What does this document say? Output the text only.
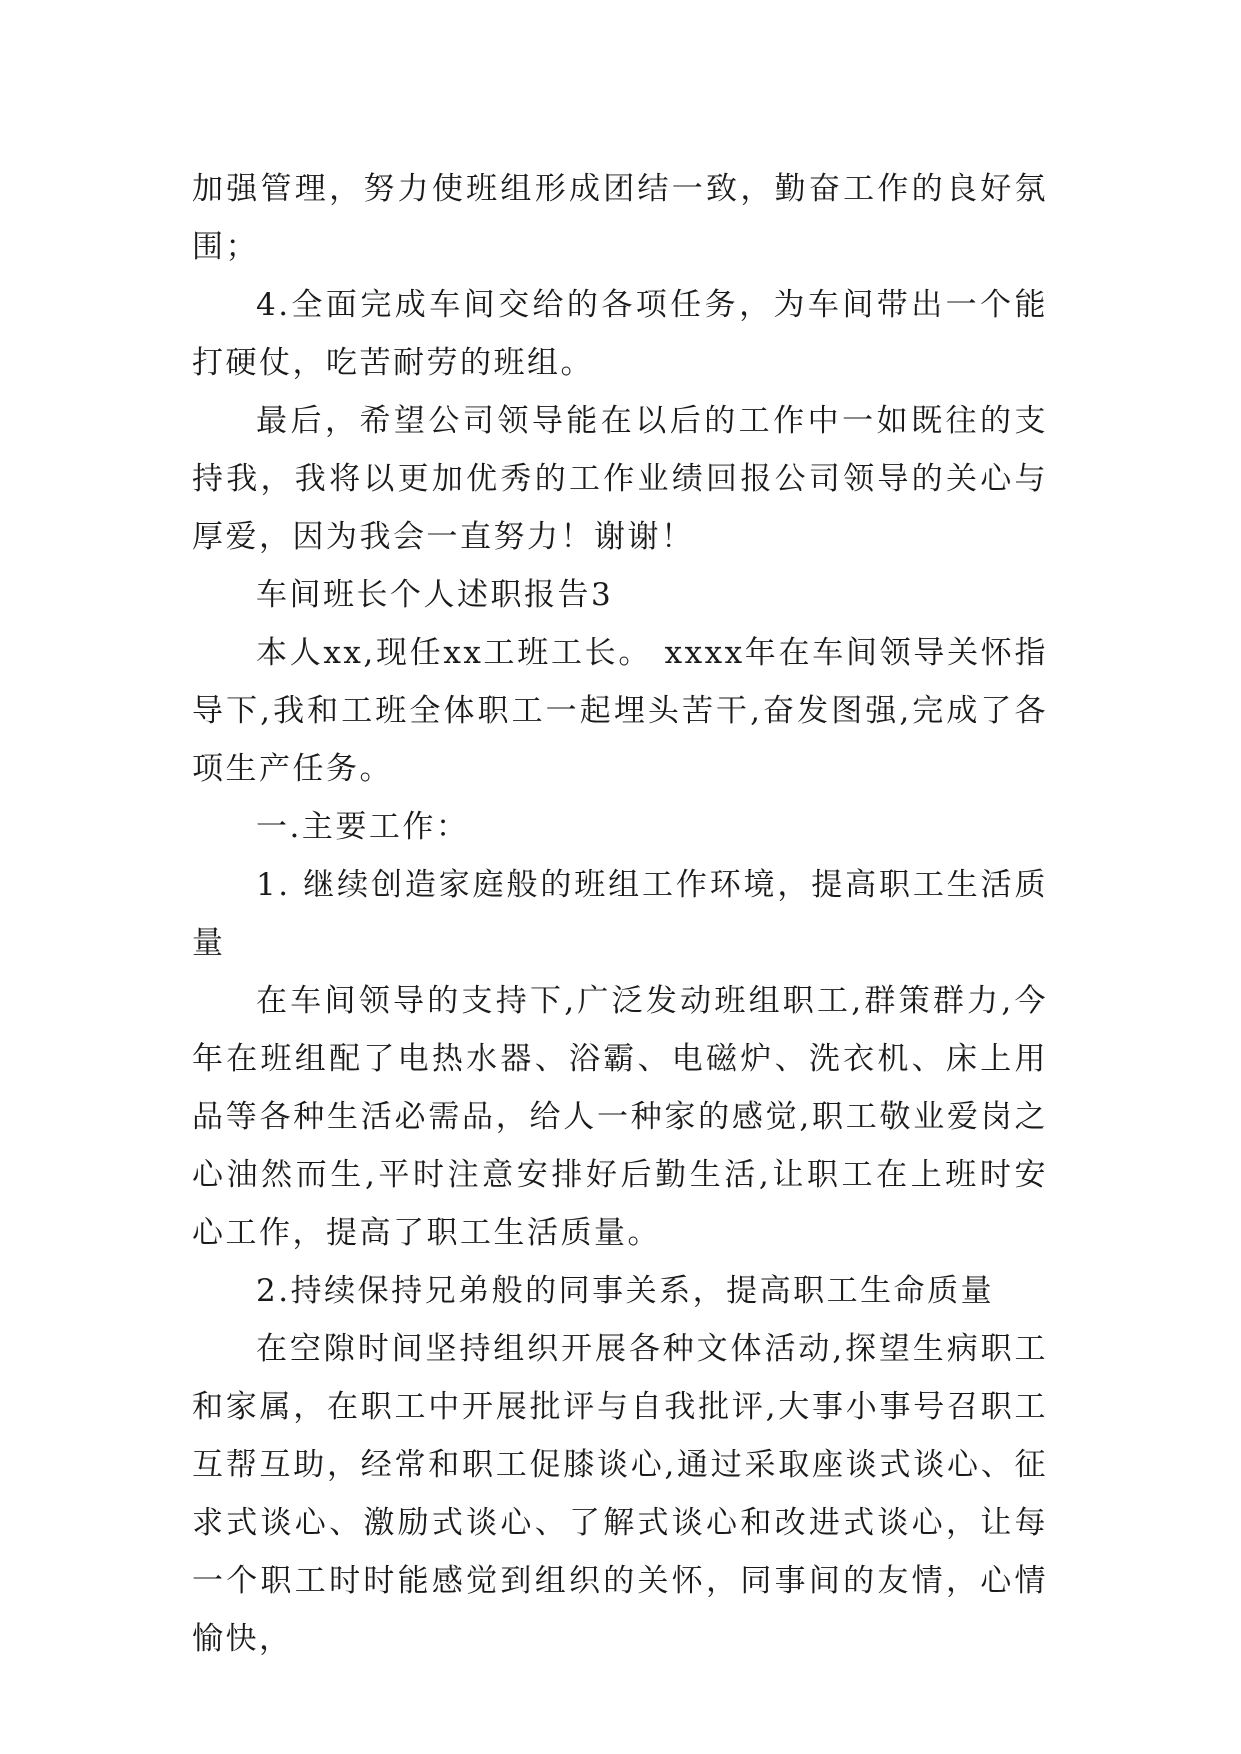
加强管理，努力使班组形成团结一致，勤奋工作的良好氛围；

4.全面完成车间交给的各项任务，为车间带出一个能打硬仗，吃苦耐劳的班组。

最后，希望公司领导能在以后的工作中一如既往的支持我，我将以更加优秀的工作业绩回报公司领导的关心与厚爱，因为我会一直努力！谢谢！

车间班长个人述职报告3

本人xx,现任xx工班工长。 xxxx年在车间领导关怀指导下,我和工班全体职工一起埋头苦干,奋发图强,完成了各项生产任务。

一.主要工作：

1. 继续创造家庭般的班组工作环境，提高职工生活质量

在车间领导的支持下,广泛发动班组职工,群策群力,今年在班组配了电热水器、浴霸、电磁炉、洗衣机、床上用品等各种生活必需品，给人一种家的感觉,职工敬业爱岗之心油然而生,平时注意安排好后勤生活,让职工在上班时安心工作，提高了职工生活质量。

2.持续保持兄弟般的同事关系，提高职工生命质量

在空隙时间坚持组织开展各种文体活动,探望生病职工和家属，在职工中开展批评与自我批评,大事小事号召职工互帮互助，经常和职工促膝谈心,通过采取座谈式谈心、征求式谈心、激励式谈心、了解式谈心和改进式谈心，让每一个职工时时能感觉到组织的关怀，同事间的友情，心情愉快，
